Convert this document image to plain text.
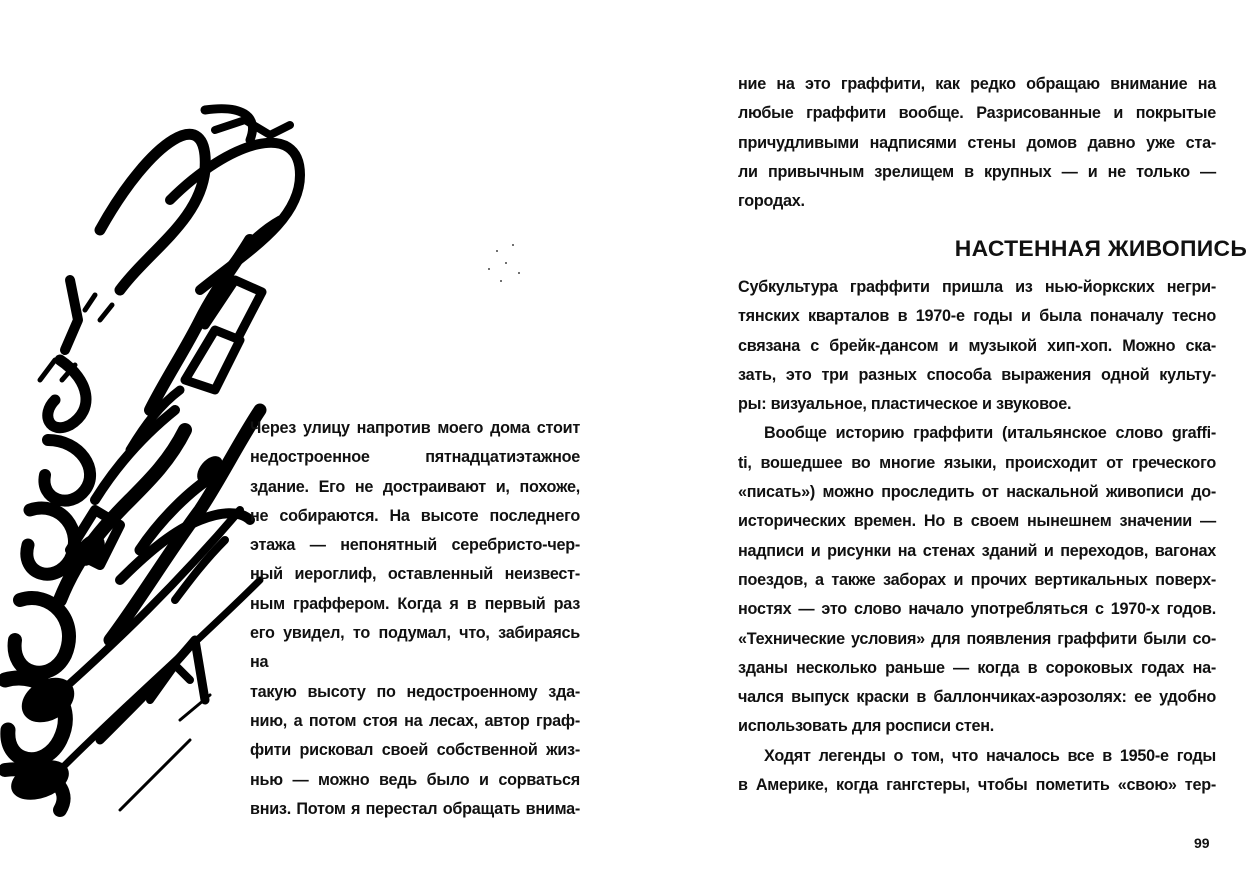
Через улицу напротив моего дома стоит
недостроенное пятнадцатиэтажное
здание. Его не достраивают и, похоже,
не собираются. На высоте последнего
этажа — непонятный серебристо-чер-
ный иероглиф, оставленный неизвест-
ным граффером. Когда я в первый раз
его увидел, то подумал, что, забираясь на
такую высоту по недостроенному зда-
нию, а потом стоя на лесах, автор граф-
фити рисковал своей собственной жиз-
нью — можно ведь было и сорваться
вниз. Потом я перестал обращать внима-
ние на это граффити, как редко обращаю внимание на
любые граффити вообще. Разрисованные и покрытые
причудливыми надписями стены домов давно уже ста-
ли привычным зрелищем в крупных — и не только —
городах.
НАСТЕННАЯ ЖИВОПИСЬ
Субкультура граффити пришла из нью-йоркских негри-
тянских кварталов в 1970-е годы и была поначалу тесно
связана с брейк-дансом и музыкой хип-хоп. Можно ска-
зать, это три разных способа выражения одной культу-
ры: визуальное, пластическое и звуковое.
Вообще историю граффити (итальянское слово graffi-
ti, вошедшее во многие языки, происходит от греческого
«писать») можно проследить от наскальной живописи до-
исторических времен. Но в своем нынешнем значении —
надписи и рисунки на стенах зданий и переходов, вагонах
поездов, а также заборах и прочих вертикальных поверх-
ностях — это слово начало употребляться с 1970-х годов.
«Технические условия» для появления граффити были со-
зданы несколько раньше — когда в сороковых годах на-
чался выпуск краски в баллончиках-аэрозолях: ее удобно
использовать для росписи стен.
Ходят легенды о том, что началось все в 1950-е годы
в Америке, когда гангстеры, чтобы пометить «свою» тер-
99
